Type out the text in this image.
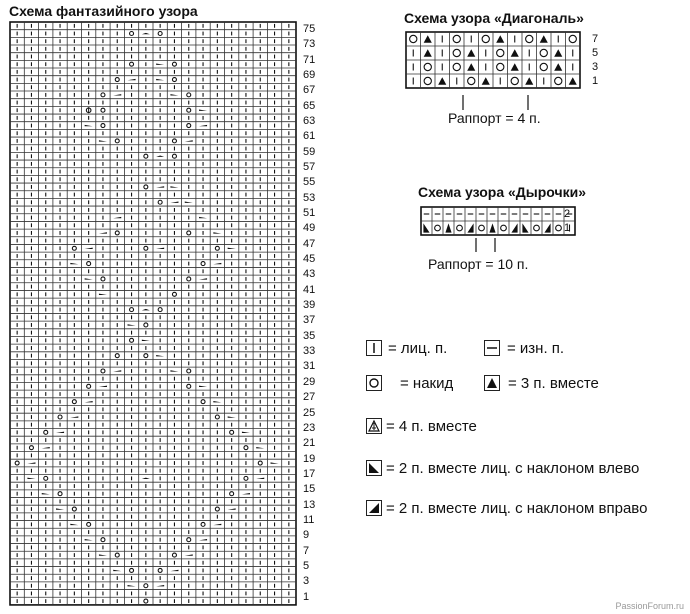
Схема фантазийного узора
75
73
71
69
67
65
63
61
59
57
55
53
51
49
47
45
43
41
39
37
35
33
31
29
27
25
23
21
19
17
15
13
11
9
7
5
3
1
Схема узора «Диагональ»
7
5
3
1
Раппорт = 4 п.
Схема узора «Дырочки»
2
1
Раппорт = 10 п.
= лиц. п.	= изн. п.
= накид	= 3 п. вместе
= 4 п. вместе
= 2 п. вместе лиц. с наклоном влево
= 2 п. вместе лиц. с наклоном вправо
PassionForum.ru
